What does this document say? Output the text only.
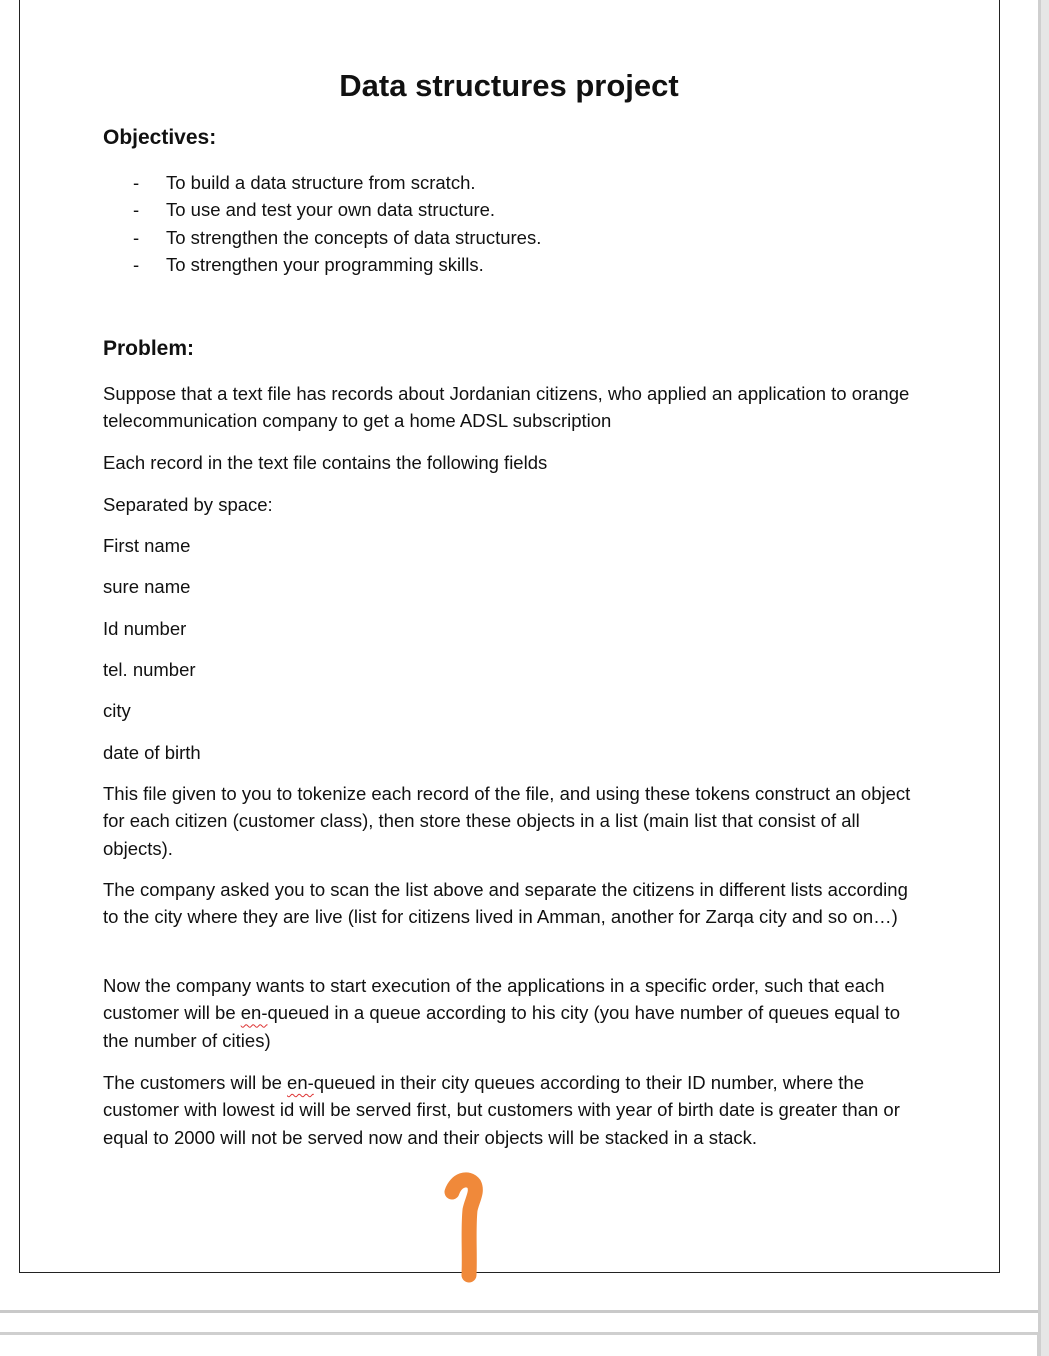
Data structures project
Objectives:
- To build a data structure from scratch.
- To use and test your own data structure.
- To strengthen the concepts of data structures.
- To strengthen your programming skills.
Problem:
Suppose that a text file has records about Jordanian citizens, who applied an application to orange telecommunication company to get a home ADSL subscription
Each record in the text file contains the following fields
Separated by space:
First name
sure name
Id number
tel. number
city
date of birth
This file given to you to tokenize each record of the file, and using these tokens construct an object for each citizen (customer class), then store these objects in a list (main list that consist of all objects).
The company asked you to scan the list above and separate the citizens in different lists according to the city where they are live (list for citizens lived in Amman, another for Zarqa city and so on…)
Now the company wants to start execution of the applications in a specific order, such that each customer will be en-queued in a queue according to his city (you have number of queues equal to the number of cities)
The customers will be en-queued in their city queues according to their ID number, where the customer with lowest id will be served first, but customers with year of birth date is greater than or equal to 2000 will not be served now and their objects will be stacked in a stack.
